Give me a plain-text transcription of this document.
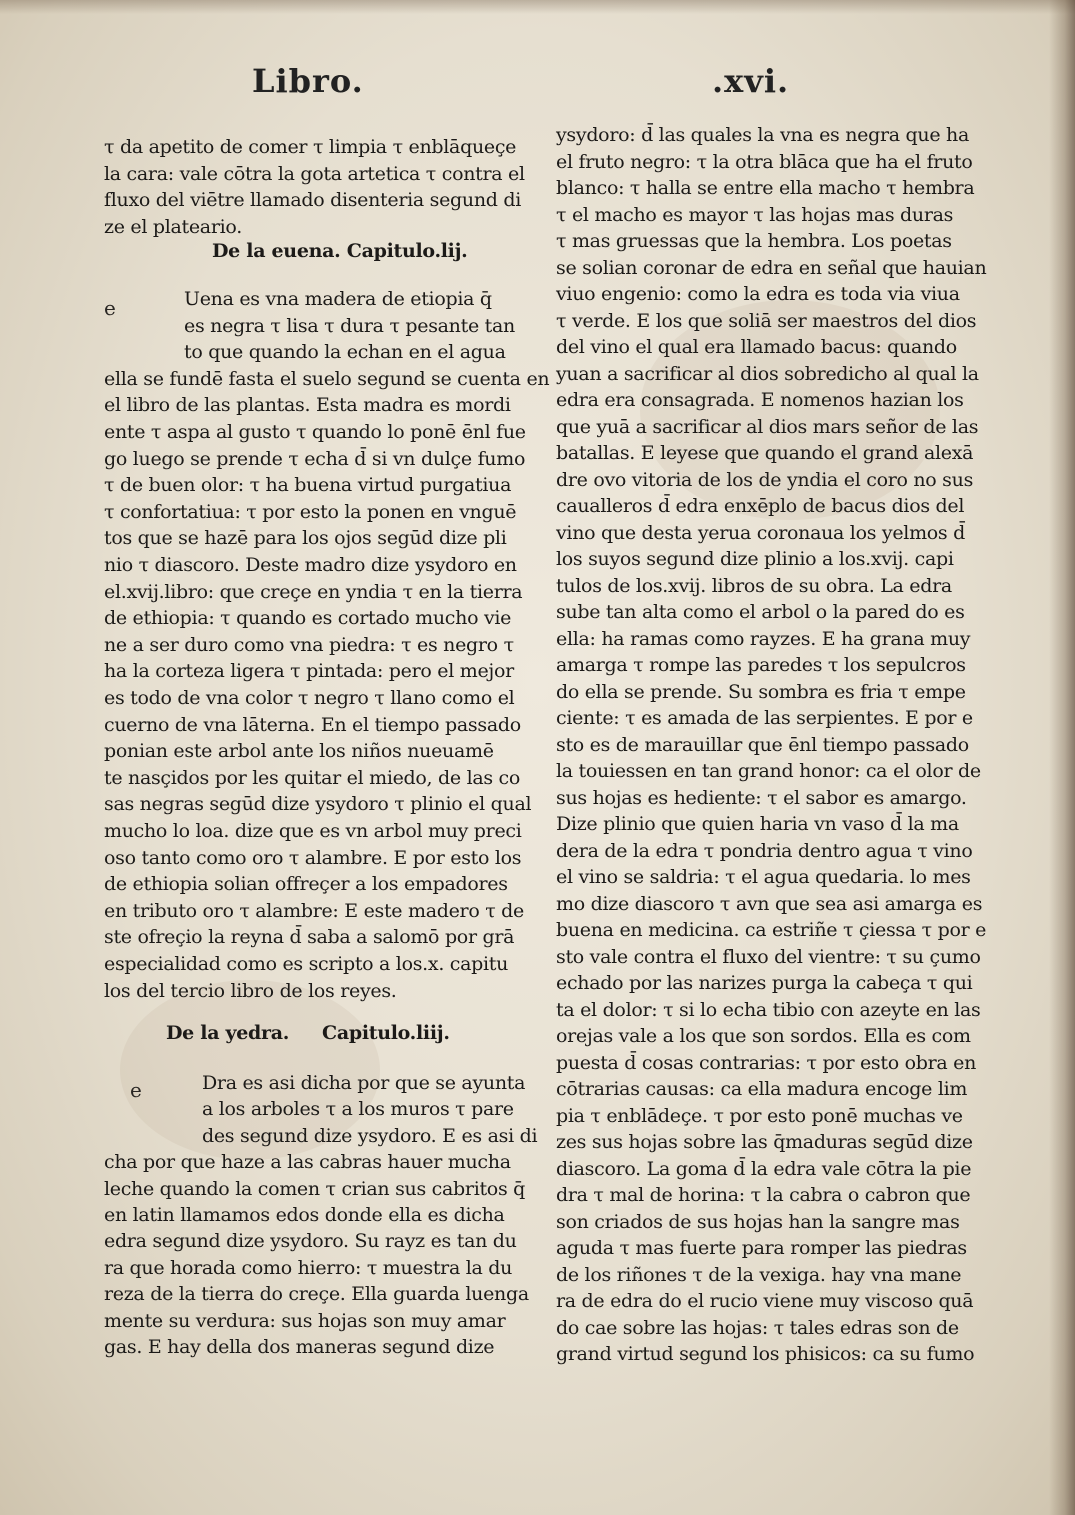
Libro.	.xvi.
τ da apetito de comer τ limpia τ enblāqueçe
la cara: vale cōtra la gota artetica τ contra el
fluxo del viētre llamado disenteria segund di
ze el plateario.
De la euena. Capitulo.lij.
e	Uena es vna madera de etiopia q̄
es negra τ lisa τ dura τ pesante tan
to que quando la echan en el agua
ella se fundē fasta el suelo segund se cuenta en
el libro de las plantas. Esta madra es mordi
ente τ aspa al gusto τ quando lo ponē ēnl fue
go luego se prende τ echa d̄ si vn dulçe fumo
τ de buen olor: τ ha buena virtud purgatiua
τ confortatiua: τ por esto la ponen en vnguē
tos que se hazē para los ojos segūd dize pli
nio τ diascoro. Deste madro dize ysydoro en
el.xvij.libro: que creçe en yndia τ en la tierra
de ethiopia: τ quando es cortado mucho vie
ne a ser duro como vna piedra: τ es negro τ
ha la corteza ligera τ pintada: pero el mejor
es todo de vna color τ negro τ llano como el
cuerno de vna lāterna. En el tiempo passado
ponian este arbol ante los niños nueuamē
te nasçidos por les quitar el miedo, de las co
sas negras segūd dize ysydoro τ plinio el qual
mucho lo loa. dize que es vn arbol muy preci
oso tanto como oro τ alambre. E por esto los
de ethiopia solian offreçer a los empadores
en tributo oro τ alambre: E este madero τ de
ste ofreçio la reyna d̄ saba a salomō por grā
especialidad como es scripto a los.x. capitu
los del tercio libro de los reyes.
De la yedra. Capitulo.liij.
e	Dra es asi dicha por que se ayunta
a los arboles τ a los muros τ pare
des segund dize ysydoro. E es asi di
cha por que haze a las cabras hauer mucha
leche quando la comen τ crian sus cabritos q̄
en latin llamamos edos donde ella es dicha
edra segund dize ysydoro. Su rayz es tan du
ra que horada como hierro: τ muestra la du
reza de la tierra do creçe. Ella guarda luenga
mente su verdura: sus hojas son muy amar
gas. E hay della dos maneras segund dize
ysydoro: d̄ las quales la vna es negra que ha
el fruto negro: τ la otra blāca que ha el fruto
blanco: τ halla se entre ella macho τ hembra
τ el macho es mayor τ las hojas mas duras
τ mas gruessas que la hembra. Los poetas
se solian coronar de edra en señal que hauian
viuo engenio: como la edra es toda via viua
τ verde. E los que soliā ser maestros del dios
del vino el qual era llamado bacus: quando
yuan a sacrificar al dios sobredicho al qual la
edra era consagrada. E nomenos hazian los
que yuā a sacrificar al dios mars señor de las
batallas. E leyese que quando el grand alexā
dre ovo vitoria de los de yndia el coro no sus
caualleros d̄ edra enxēplo de bacus dios del
vino que desta yerua coronaua los yelmos d̄
los suyos segund dize plinio a los.xvij. capi
tulos de los.xvij. libros de su obra. La edra
sube tan alta como el arbol o la pared do es
ella: ha ramas como rayzes. E ha grana muy
amarga τ rompe las paredes τ los sepulcros
do ella se prende. Su sombra es fria τ empe
ciente: τ es amada de las serpientes. E por e
sto es de marauillar que ēnl tiempo passado
la touiessen en tan grand honor: ca el olor de
sus hojas es hediente: τ el sabor es amargo.
Dize plinio que quien haria vn vaso d̄ la ma
dera de la edra τ pondria dentro agua τ vino
el vino se saldria: τ el agua quedaria. lo mes
mo dize diascoro τ avn que sea asi amarga es
buena en medicina. ca estriñe τ çiessa τ por e
sto vale contra el fluxo del vientre: τ su çumo
echado por las narizes purga la cabeça τ qui
ta el dolor: τ si lo echa tibio con azeyte en las
orejas vale a los que son sordos. Ella es com
puesta d̄ cosas contrarias: τ por esto obra en
cōtrarias causas: ca ella madura encoge lim
pia τ enblādeçe. τ por esto ponē muchas ve
zes sus hojas sobre las q̄maduras segūd dize
diascoro. La goma d̄ la edra vale cōtra la pie
dra τ mal de horina: τ la cabra o cabron que
son criados de sus hojas han la sangre mas
aguda τ mas fuerte para romper las piedras
de los riñones τ de la vexiga. hay vna mane
ra de edra do el rucio viene muy viscoso quā
do cae sobre las hojas: τ tales edras son de
grand virtud segund los phisicos: ca su fumo
